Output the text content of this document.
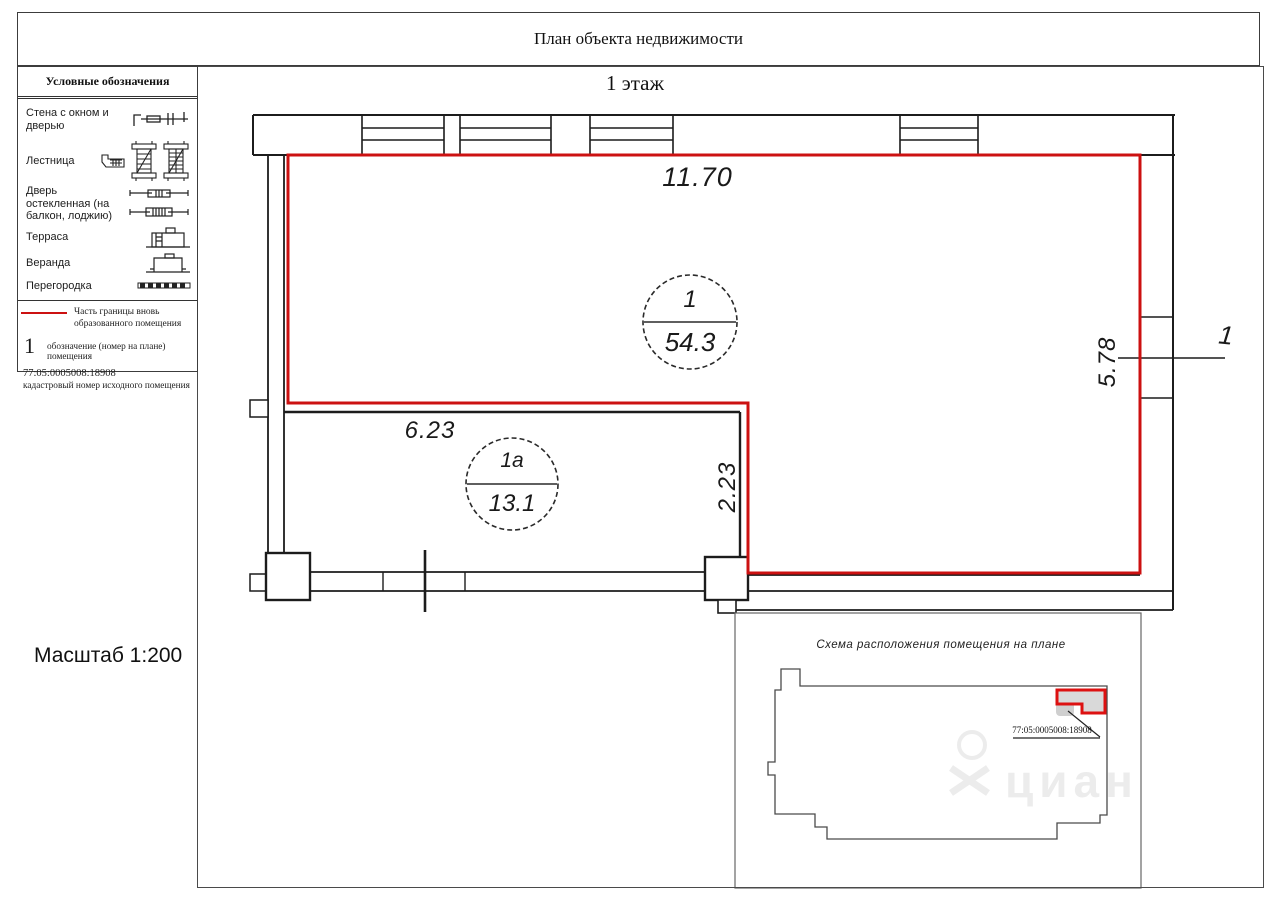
циан
План объекта недвижимости
Условные обозначения
Стена с окном и дверью
Лестница
Дверь остекленная (на балкон, лоджию)
Терраса
Веранда
Перегородка
Часть границы вновь образованного помещения
1 обозначение (номер на плане) помещения
77:05:0005008:18908
кадастровый номер исходного помещения
1 этаж
Масштаб 1:200
11.70
6.23
2.23
5.78
1
1
54.3
1а
13.1
Схема расположения помещения на плане
77:05:0005008:18908
